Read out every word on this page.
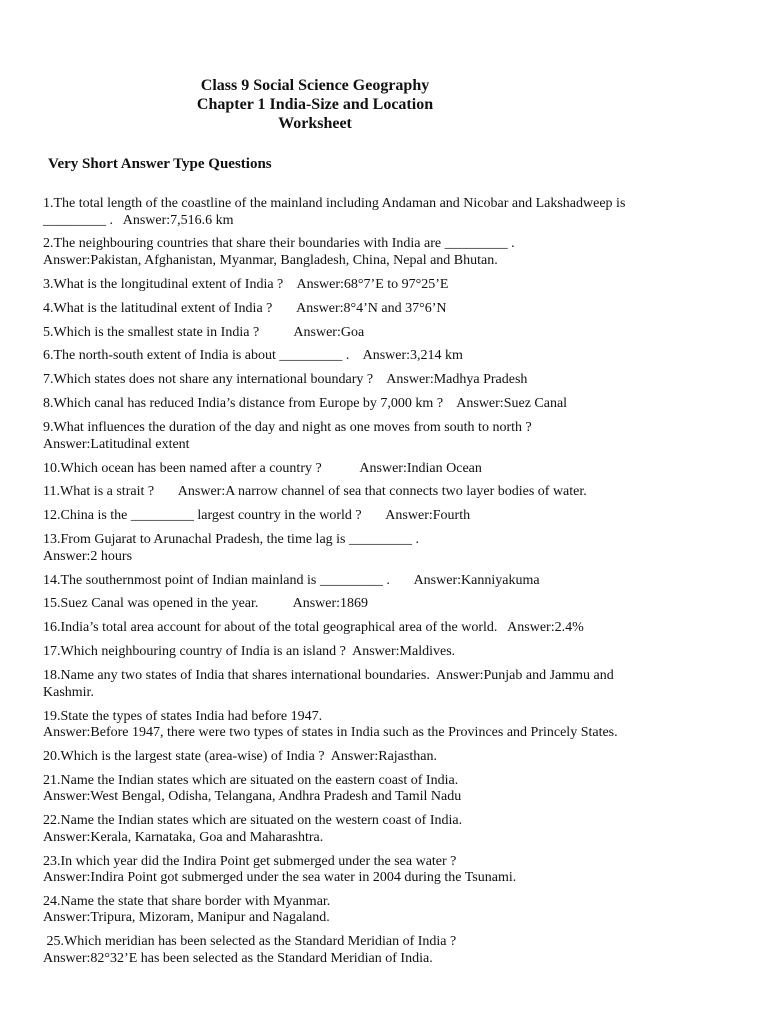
Class 9 Social Science Geography
Chapter 1 India-Size and Location
Worksheet
Very Short Answer Type Questions
1.The total length of the coastline of the mainland including Andaman and Nicobar and Lakshadweep is
_________ .   Answer:7,516.6 km
2.The neighbouring countries that share their boundaries with India are _________ .
Answer:Pakistan, Afghanistan, Myanmar, Bangladesh, China, Nepal and Bhutan.
3.What is the longitudinal extent of India ?    Answer:68°7’E to 97°25’E
4.What is the latitudinal extent of India ?       Answer:8°4’N and 37°6’N
5.Which is the smallest state in India ?          Answer:Goa
6.The north-south extent of India is about _________ .    Answer:3,214 km
7.Which states does not share any international boundary ?    Answer:Madhya Pradesh
8.Which canal has reduced India’s distance from Europe by 7,000 km ?    Answer:Suez Canal
9.What influences the duration of the day and night as one moves from south to north ?
Answer:Latitudinal extent
10.Which ocean has been named after a country ?           Answer:Indian Ocean
11.What is a strait ?       Answer:A narrow channel of sea that connects two layer bodies of water.
12.China is the _________ largest country in the world ?       Answer:Fourth
13.From Gujarat to Arunachal Pradesh, the time lag is _________ .
Answer:2 hours
14.The southernmost point of Indian mainland is _________ .       Answer:Kanniyakuma
15.Suez Canal was opened in the year.          Answer:1869
16.India’s total area account for about of the total geographical area of the world.   Answer:2.4%
17.Which neighbouring country of India is an island ?  Answer:Maldives.
18.Name any two states of India that shares international boundaries.  Answer:Punjab and Jammu and
Kashmir.
19.State the types of states India had before 1947.
Answer:Before 1947, there were two types of states in India such as the Provinces and Princely States.
20.Which is the largest state (area-wise) of India ?  Answer:Rajasthan.
21.Name the Indian states which are situated on the eastern coast of India.
Answer:West Bengal, Odisha, Telangana, Andhra Pradesh and Tamil Nadu
22.Name the Indian states which are situated on the western coast of India.
Answer:Kerala, Karnataka, Goa and Maharashtra.
23.In which year did the Indira Point get submerged under the sea water ?
Answer:Indira Point got submerged under the sea water in 2004 during the Tsunami.
24.Name the state that share border with Myanmar.
Answer:Tripura, Mizoram, Manipur and Nagaland.
25.Which meridian has been selected as the Standard Meridian of India ?
Answer:82°32’E has been selected as the Standard Meridian of India.
